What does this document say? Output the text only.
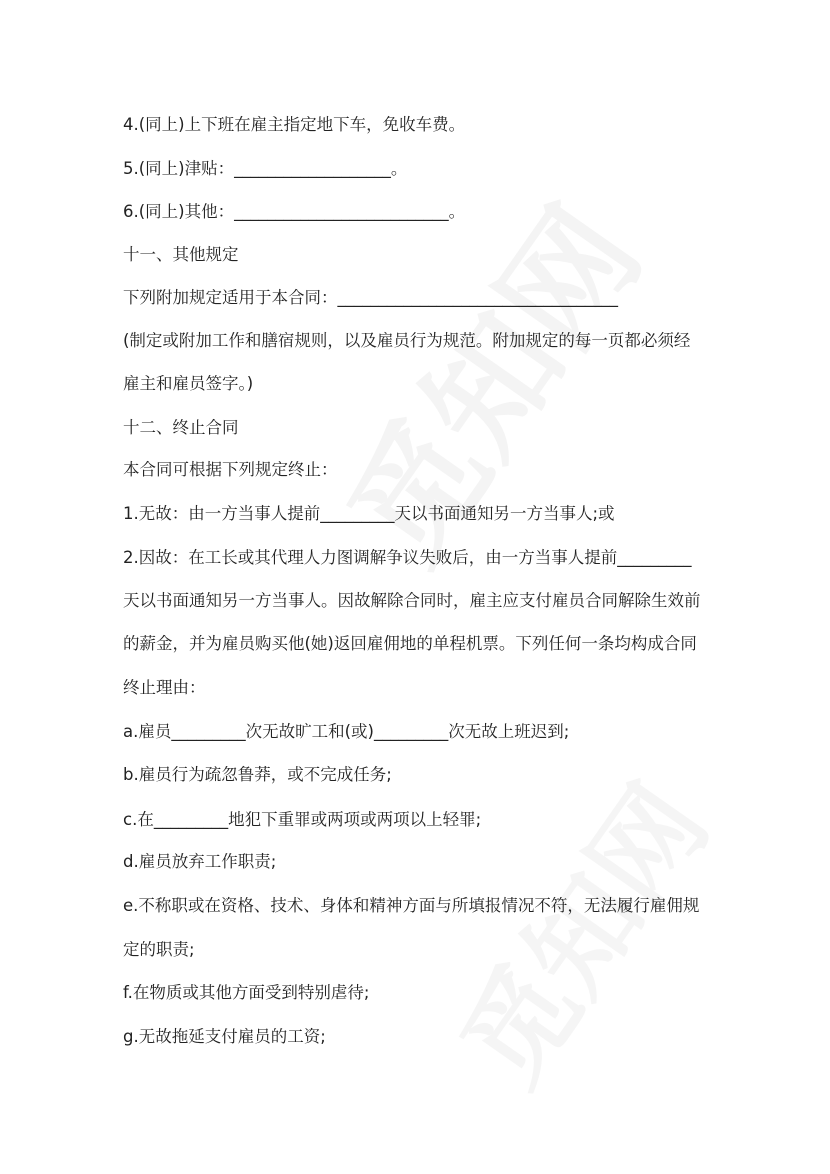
4.(同上)上下班在雇主指定地下车，免收车费。
5.(同上)津贴：___________________。
6.(同上)其他：__________________________。
十一、其他规定
下列附加规定适用于本合同：__________________________________
(制定或附加工作和膳宿规则，以及雇员行为规范。附加规定的每一页都必须经
雇主和雇员签字。)
十二、终止合同
本合同可根据下列规定终止：
1.无故：由一方当事人提前_________天以书面通知另一方当事人;或
2.因故：在工长或其代理人力图调解争议失败后，由一方当事人提前_________
天以书面通知另一方当事人。因故解除合同时，雇主应支付雇员合同解除生效前
的薪金，并为雇员购买他(她)返回雇佣地的单程机票。下列任何一条均构成合同
终止理由：
a.雇员_________次无故旷工和(或)_________次无故上班迟到;
b.雇员行为疏忽鲁莽，或不完成任务;
c.在_________地犯下重罪或两项或两项以上轻罪;
d.雇员放弃工作职责;
e.不称职或在资格、技术、身体和精神方面与所填报情况不符，无法履行雇佣规
定的职责;
f.在物质或其他方面受到特别虐待;
g.无故拖延支付雇员的工资;
